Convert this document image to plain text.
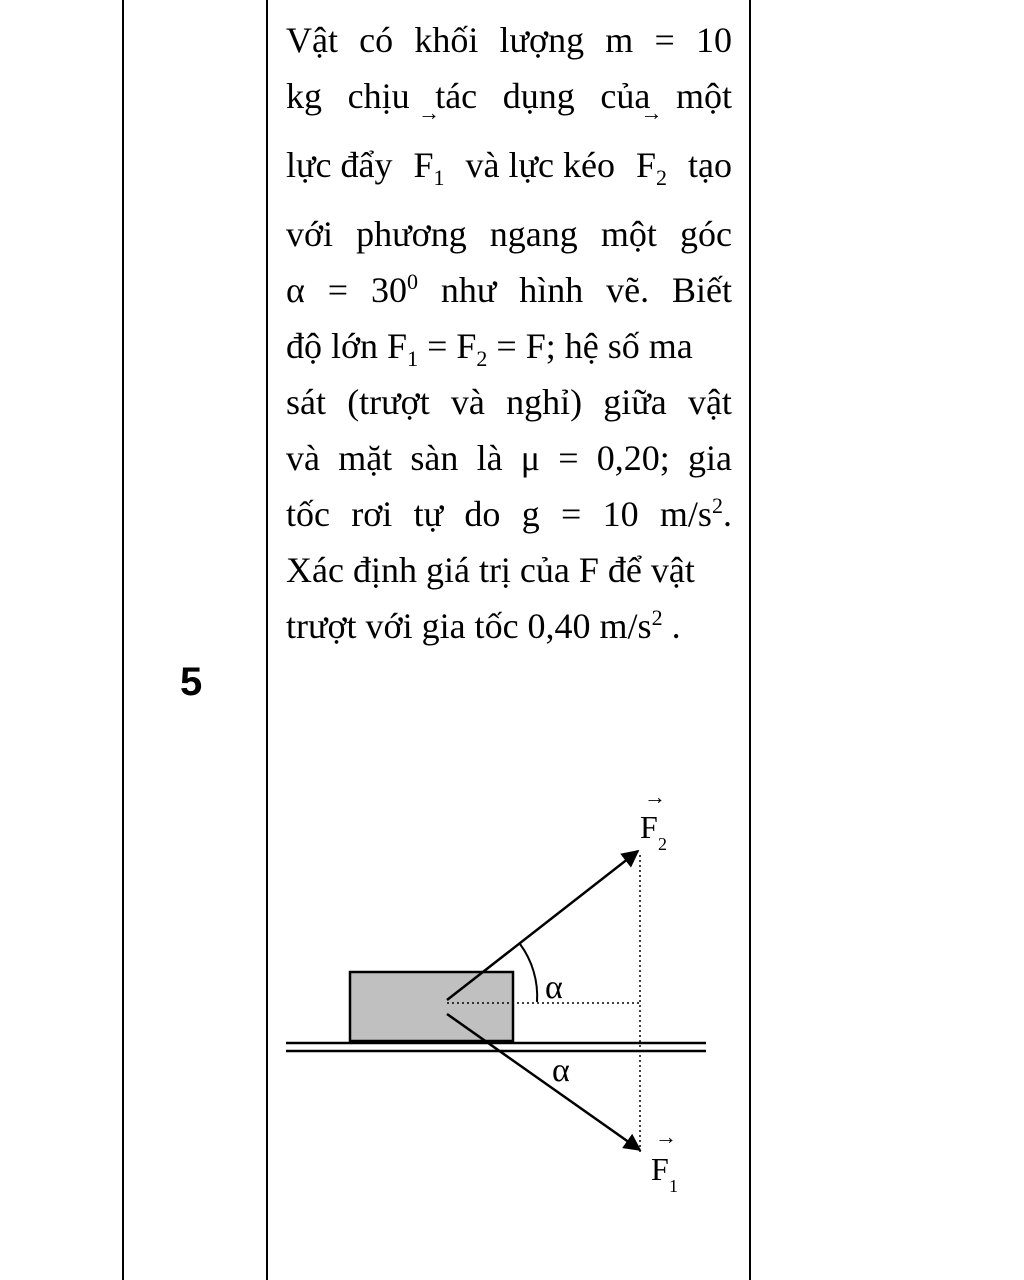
5
Vật có khối lượng m = 10
kg chịu tác dụng của một
lực đẩy
→
$F_1$ và lực kéo
→
$F_2$ tạo
với phương ngang một góc
$\alpha = 30^0$ như hình vẽ. Biết
độ lớn $F_1 = F_2 = F$; hệ số ma
sát (trượt và nghỉ) giữa vật
và mặt sàn là μ = 0,20; gia
tốc rơi tự do g = 10 $m/s^2$.
Xác định giá trị của F để vật
trượt với gia tốc 0,40 $m/s^2$ .
α
α
→
F 2
→
F 1
